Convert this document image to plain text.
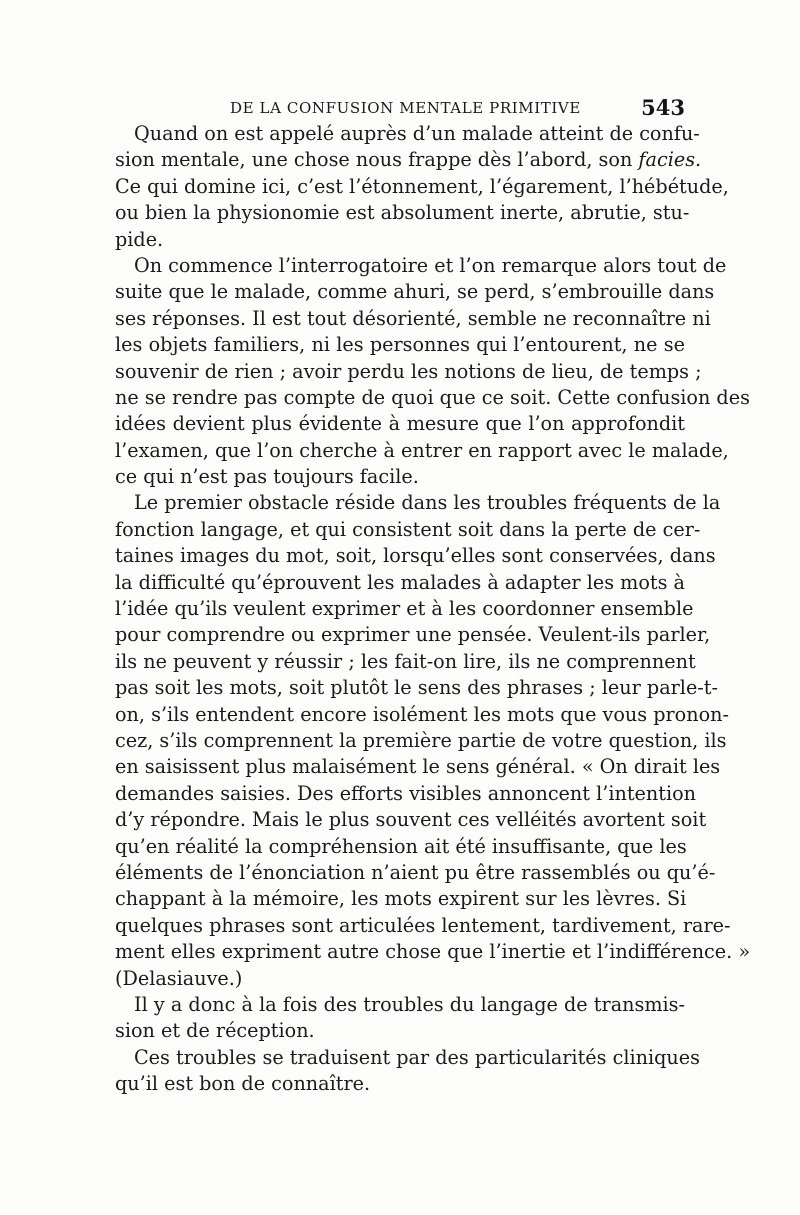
DE LA CONFUSION MENTALE PRIMITIVE	543

Quand on est appelé auprès d’un malade atteint de confu-
sion mentale, une chose nous frappe dès l’abord, son facies.
Ce qui domine ici, c’est l’étonnement, l’égarement, l’hébétude,
ou bien la physionomie est absolument inerte, abrutie, stu-
pide.

On commence l’interrogatoire et l’on remarque alors tout de
suite que le malade, comme ahuri, se perd, s’embrouille dans
ses réponses. Il est tout désorienté, semble ne reconnaître ni
les objets familiers, ni les personnes qui l’entourent, ne se
souvenir de rien ; avoir perdu les notions de lieu, de temps ;
ne se rendre pas compte de quoi que ce soit. Cette confusion des
idées devient plus évidente à mesure que l’on approfondit
l’examen, que l’on cherche à entrer en rapport avec le malade,
ce qui n’est pas toujours facile.

Le premier obstacle réside dans les troubles fréquents de la
fonction langage, et qui consistent soit dans la perte de cer-
taines images du mot, soit, lorsqu’elles sont conservées, dans
la difficulté qu’éprouvent les malades à adapter les mots à
l’idée qu’ils veulent exprimer et à les coordonner ensemble
pour comprendre ou exprimer une pensée. Veulent-ils parler,
ils ne peuvent y réussir ; les fait-on lire, ils ne comprennent
pas soit les mots, soit plutôt le sens des phrases ; leur parle-t-
on, s’ils entendent encore isolément les mots que vous pronon-
cez, s’ils comprennent la première partie de votre question, ils
en saisissent plus malaisément le sens général. « On dirait les
demandes saisies. Des efforts visibles annoncent l’intention
d’y répondre. Mais le plus souvent ces velléités avortent soit
qu’en réalité la compréhension ait été insuffisante, que les
éléments de l’énonciation n’aient pu être rassemblés ou qu’é-
chappant à la mémoire, les mots expirent sur les lèvres. Si
quelques phrases sont articulées lentement, tardivement, rare-
ment elles expriment autre chose que l’inertie et l’indifférence. »
(Delasiauve.)

Il y a donc à la fois des troubles du langage de transmis-
sion et de réception.

Ces troubles se traduisent par des particularités cliniques
qu’il est bon de connaître.
